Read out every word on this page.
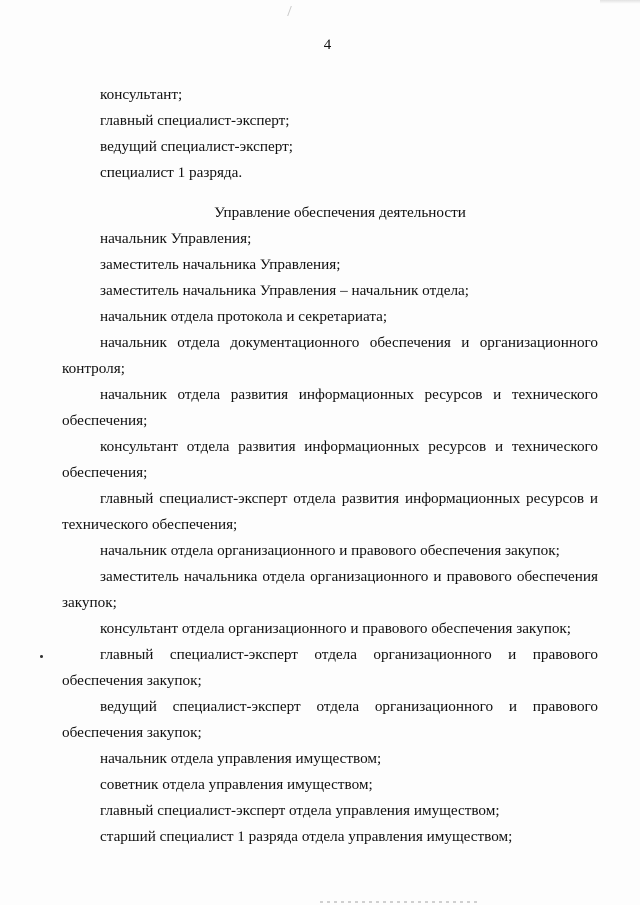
4

консультант;

главный специалист-эксперт;

ведущий специалист-эксперт;

специалист 1 разряда.

Управление обеспечения деятельности

начальник Управления;

заместитель начальника Управления;

заместитель начальника Управления – начальник отдела;

начальник отдела протокола и секретариата;

начальник отдела документационного обеспечения и организационного контроля;

начальник отдела развития информационных ресурсов и технического обеспечения;

консультант отдела развития информационных ресурсов и технического обеспечения;

главный специалист-эксперт отдела развития информационных ресурсов и технического обеспечения;

начальник отдела организационного и правового обеспечения закупок;

заместитель начальника отдела организационного и правового обеспечения закупок;

консультант отдела организационного и правового обеспечения закупок;

главный специалист-эксперт отдела организационного и правового обеспечения закупок;

ведущий специалист-эксперт отдела организационного и правового обеспечения закупок;

начальник отдела управления имуществом;

советник отдела управления имуществом;

главный специалист-эксперт отдела управления имуществом;

старший специалист 1 разряда отдела управления имуществом;
